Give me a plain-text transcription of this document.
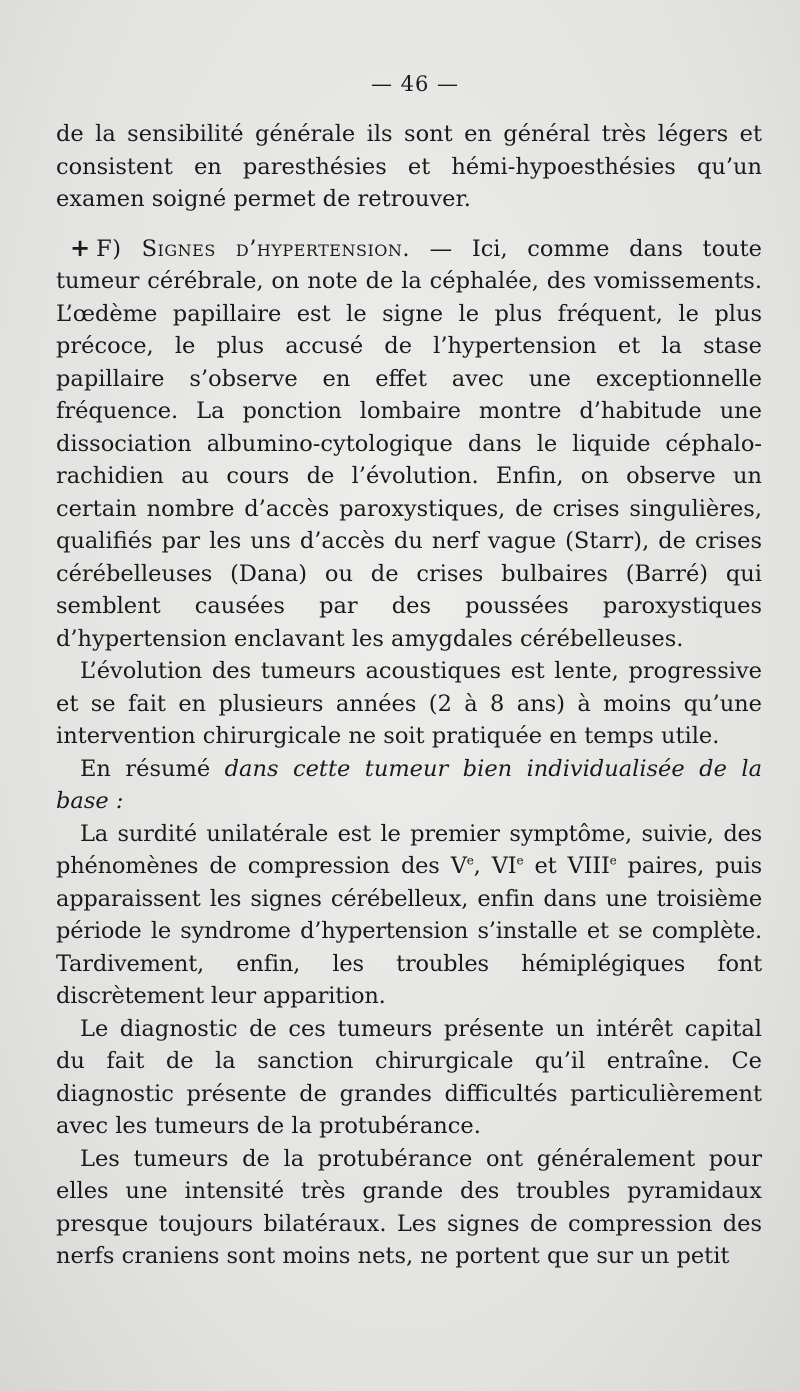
— 46 —

de la sensibilité générale ils sont en général très légers et consistent en paresthésies et hémi-hypoesthésies qu’un examen soigné permet de retrouver.

+ F) Signes d’hypertension. — Ici, comme dans toute tumeur cérébrale, on note de la céphalée, des vomissements. L’œdème papillaire est le signe le plus fréquent, le plus précoce, le plus accusé de l’hypertension et la stase papillaire s’observe en effet avec une exceptionnelle fréquence. La ponction lombaire montre d’habitude une dissociation albumino-cytologique dans le liquide céphalo-rachidien au cours de l’évolution. Enfin, on observe un certain nombre d’accès paroxystiques, de crises singulières, qualifiés par les uns d’accès du nerf vague (Starr), de crises cérébelleuses (Dana) ou de crises bulbaires (Barré) qui semblent causées par des poussées paroxystiques d’hypertension enclavant les amygdales cérébelleuses.

L’évolution des tumeurs acoustiques est lente, progressive et se fait en plusieurs années (2 à 8 ans) à moins qu’une intervention chirurgicale ne soit pratiquée en temps utile.

En résumé dans cette tumeur bien individualisée de la base :

La surdité unilatérale est le premier symptôme, suivie, des phénomènes de compression des Ve, VIe et VIIIe paires, puis apparaissent les signes cérébelleux, enfin dans une troisième période le syndrome d’hypertension s’installe et se complète. Tardivement, enfin, les troubles hémiplégiques font discrètement leur apparition.

Le diagnostic de ces tumeurs présente un intérêt capital du fait de la sanction chirurgicale qu’il entraîne. Ce diagnostic présente de grandes difficultés particulièrement avec les tumeurs de la protubérance.

Les tumeurs de la protubérance ont généralement pour elles une intensité très grande des troubles pyramidaux presque toujours bilatéraux. Les signes de compression des nerfs craniens sont moins nets, ne portent que sur un petit
